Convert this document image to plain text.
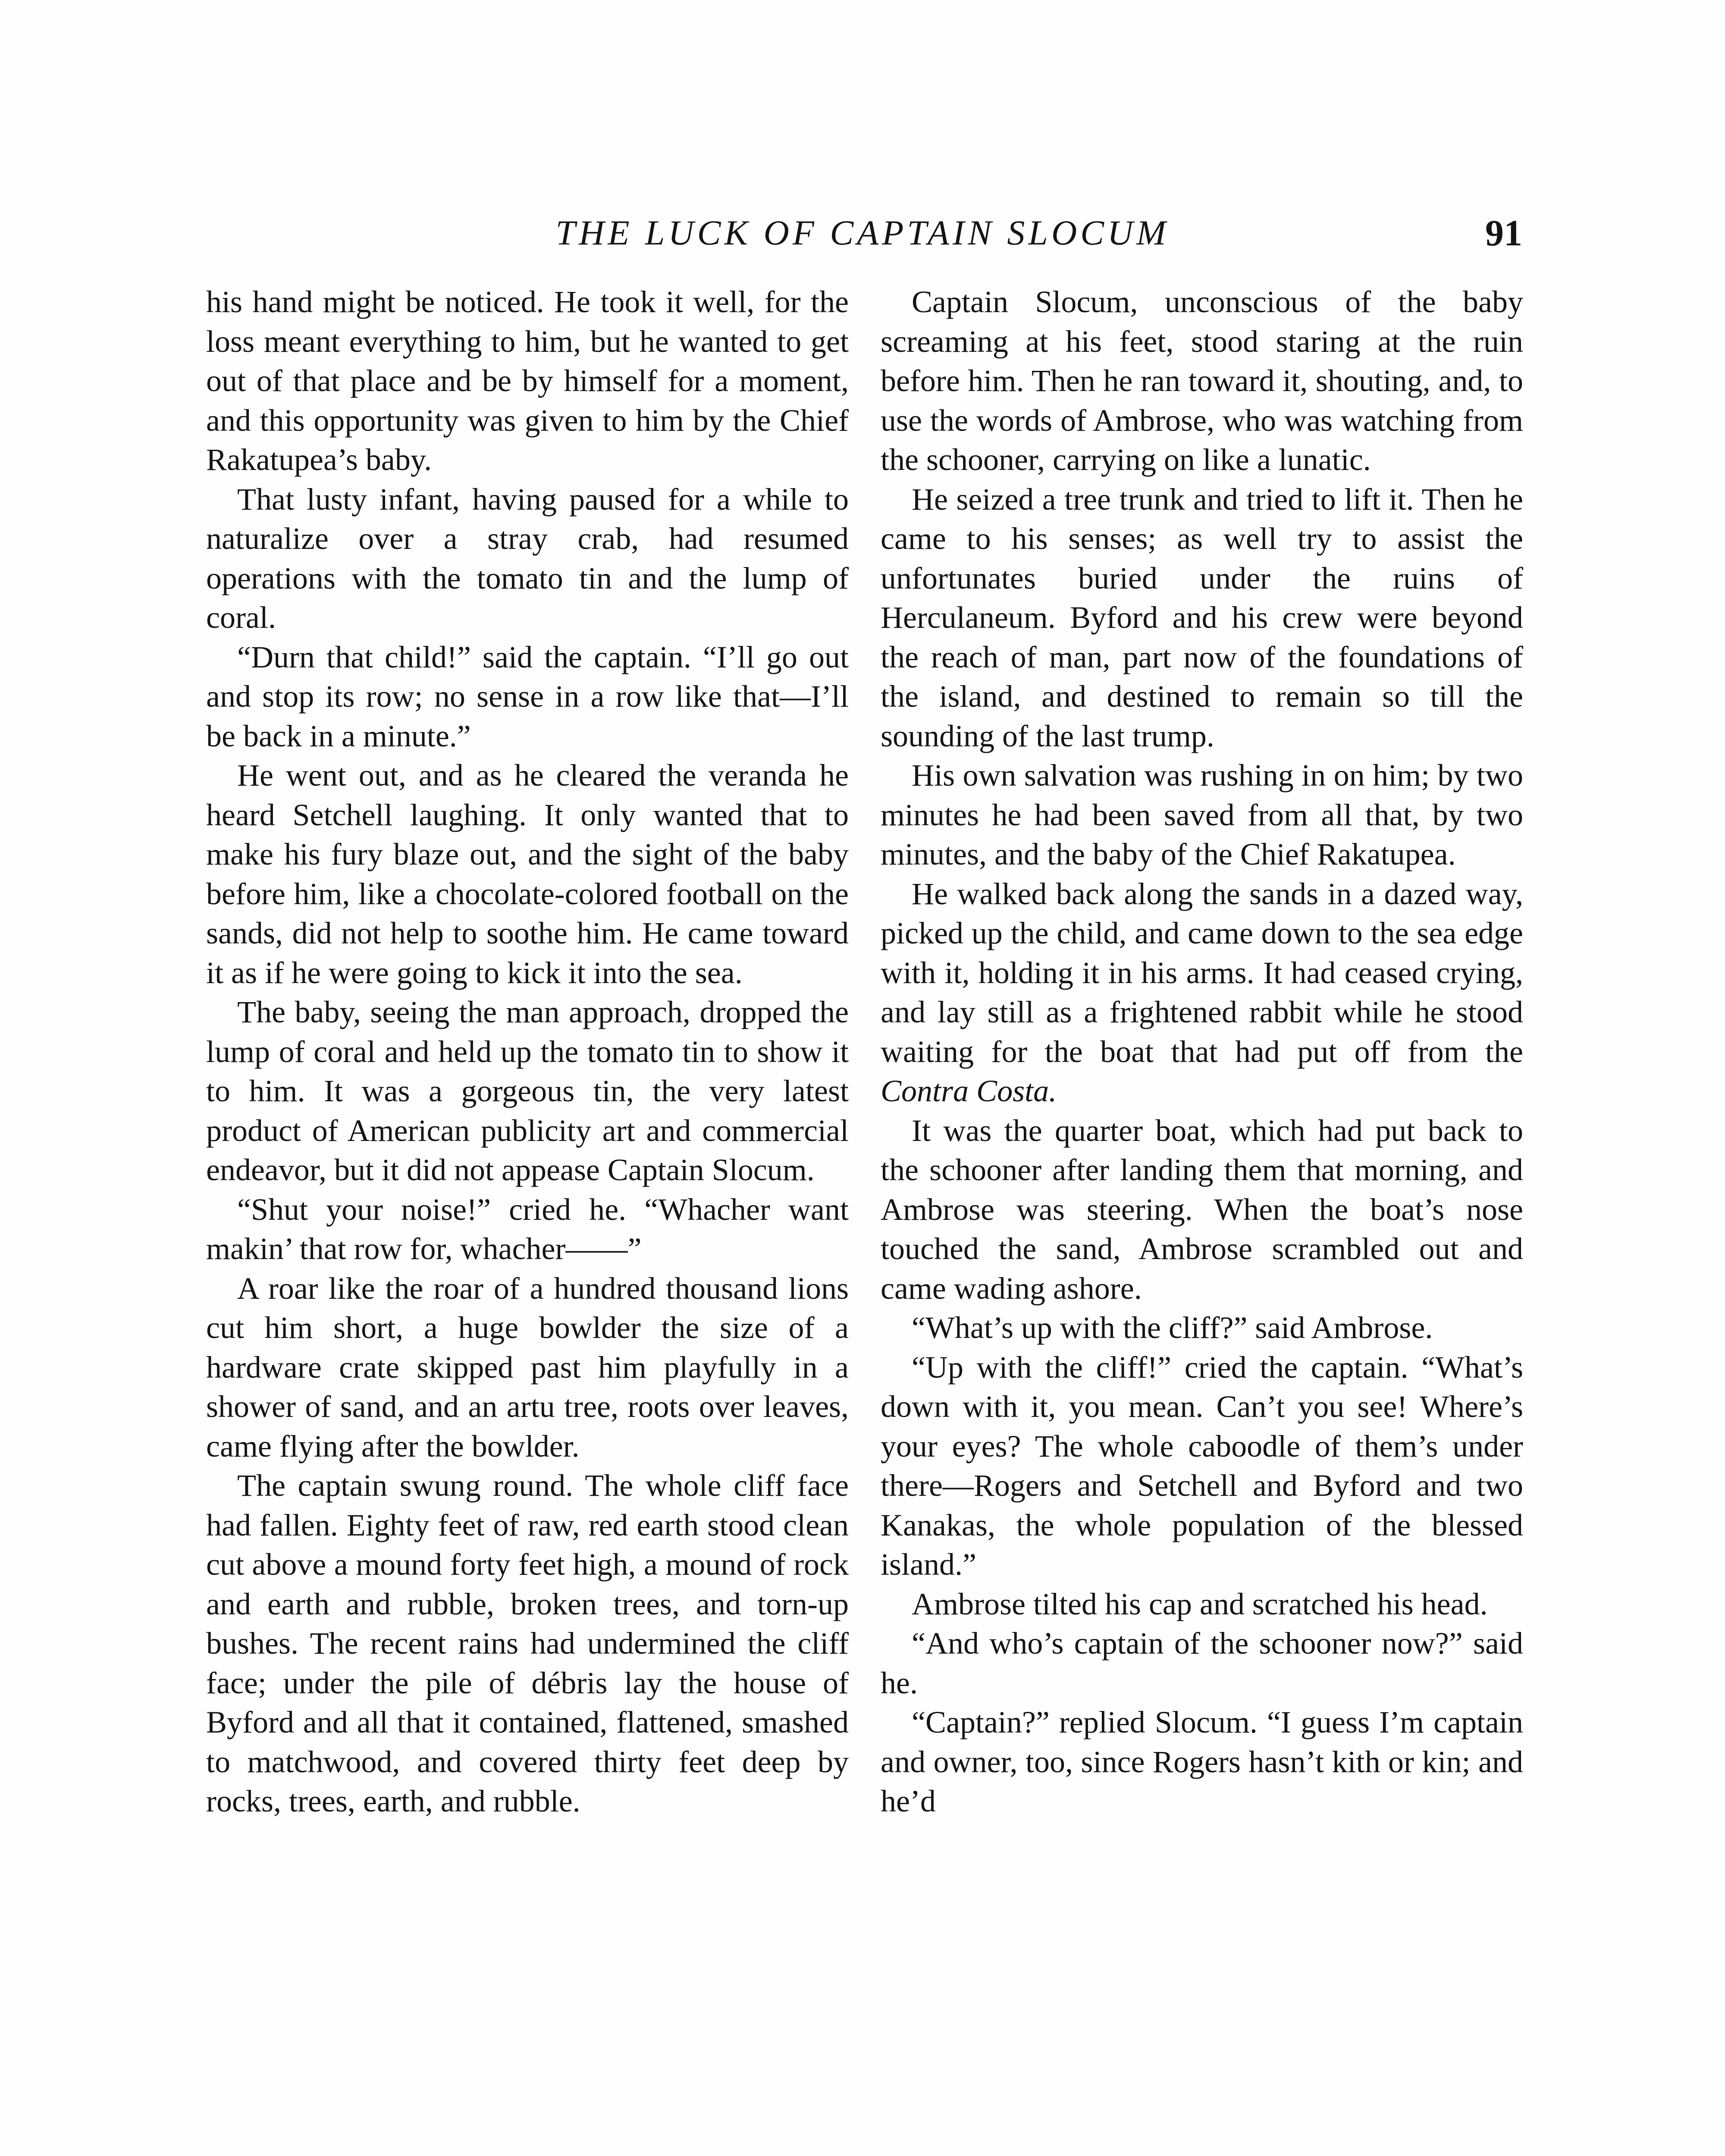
THE LUCK OF CAPTAIN SLOCUM	91

his hand might be noticed. He took it well, for the loss meant everything to him, but he wanted to get out of that place and be by himself for a moment, and this opportunity was given to him by the Chief Rakatupea’s baby.

That lusty infant, having paused for a while to naturalize over a stray crab, had resumed operations with the tomato tin and the lump of coral.

“Durn that child!” said the captain. “I’ll go out and stop its row; no sense in a row like that—I’ll be back in a minute.”

He went out, and as he cleared the veranda he heard Setchell laughing. It only wanted that to make his fury blaze out, and the sight of the baby before him, like a chocolate-colored football on the sands, did not help to soothe him. He came toward it as if he were going to kick it into the sea.

The baby, seeing the man approach, dropped the lump of coral and held up the tomato tin to show it to him. It was a gorgeous tin, the very latest product of American publicity art and commercial endeavor, but it did not appease Captain Slocum.

“Shut your noise!” cried he. “Whacher want makin’ that row for, whacher——”

A roar like the roar of a hundred thousand lions cut him short, a huge bowlder the size of a hardware crate skipped past him playfully in a shower of sand, and an artu tree, roots over leaves, came flying after the bowlder.

The captain swung round. The whole cliff face had fallen. Eighty feet of raw, red earth stood clean cut above a mound forty feet high, a mound of rock and earth and rubble, broken trees, and torn-up bushes. The recent rains had undermined the cliff face; under the pile of débris lay the house of Byford and all that it contained, flattened, smashed to matchwood, and covered thirty feet deep by rocks, trees, earth, and rubble.

Captain Slocum, unconscious of the baby screaming at his feet, stood staring at the ruin before him. Then he ran toward it, shouting, and, to use the words of Ambrose, who was watching from the schooner, carrying on like a lunatic.

He seized a tree trunk and tried to lift it. Then he came to his senses; as well try to assist the unfortunates buried under the ruins of Herculaneum. Byford and his crew were beyond the reach of man, part now of the foundations of the island, and destined to remain so till the sounding of the last trump.

His own salvation was rushing in on him; by two minutes he had been saved from all that, by two minutes, and the baby of the Chief Rakatupea.

He walked back along the sands in a dazed way, picked up the child, and came down to the sea edge with it, holding it in his arms. It had ceased crying, and lay still as a frightened rabbit while he stood waiting for the boat that had put off from the Contra Costa.

It was the quarter boat, which had put back to the schooner after landing them that morning, and Ambrose was steering. When the boat’s nose touched the sand, Ambrose scrambled out and came wading ashore.

“What’s up with the cliff?” said Ambrose.

“Up with the cliff!” cried the captain. “What’s down with it, you mean. Can’t you see! Where’s your eyes? The whole caboodle of them’s under there—Rogers and Setchell and Byford and two Kanakas, the whole population of the blessed island.”

Ambrose tilted his cap and scratched his head.

“And who’s captain of the schooner now?” said he.

“Captain?” replied Slocum. “I guess I’m captain and owner, too, since Rogers hasn’t kith or kin; and he’d
